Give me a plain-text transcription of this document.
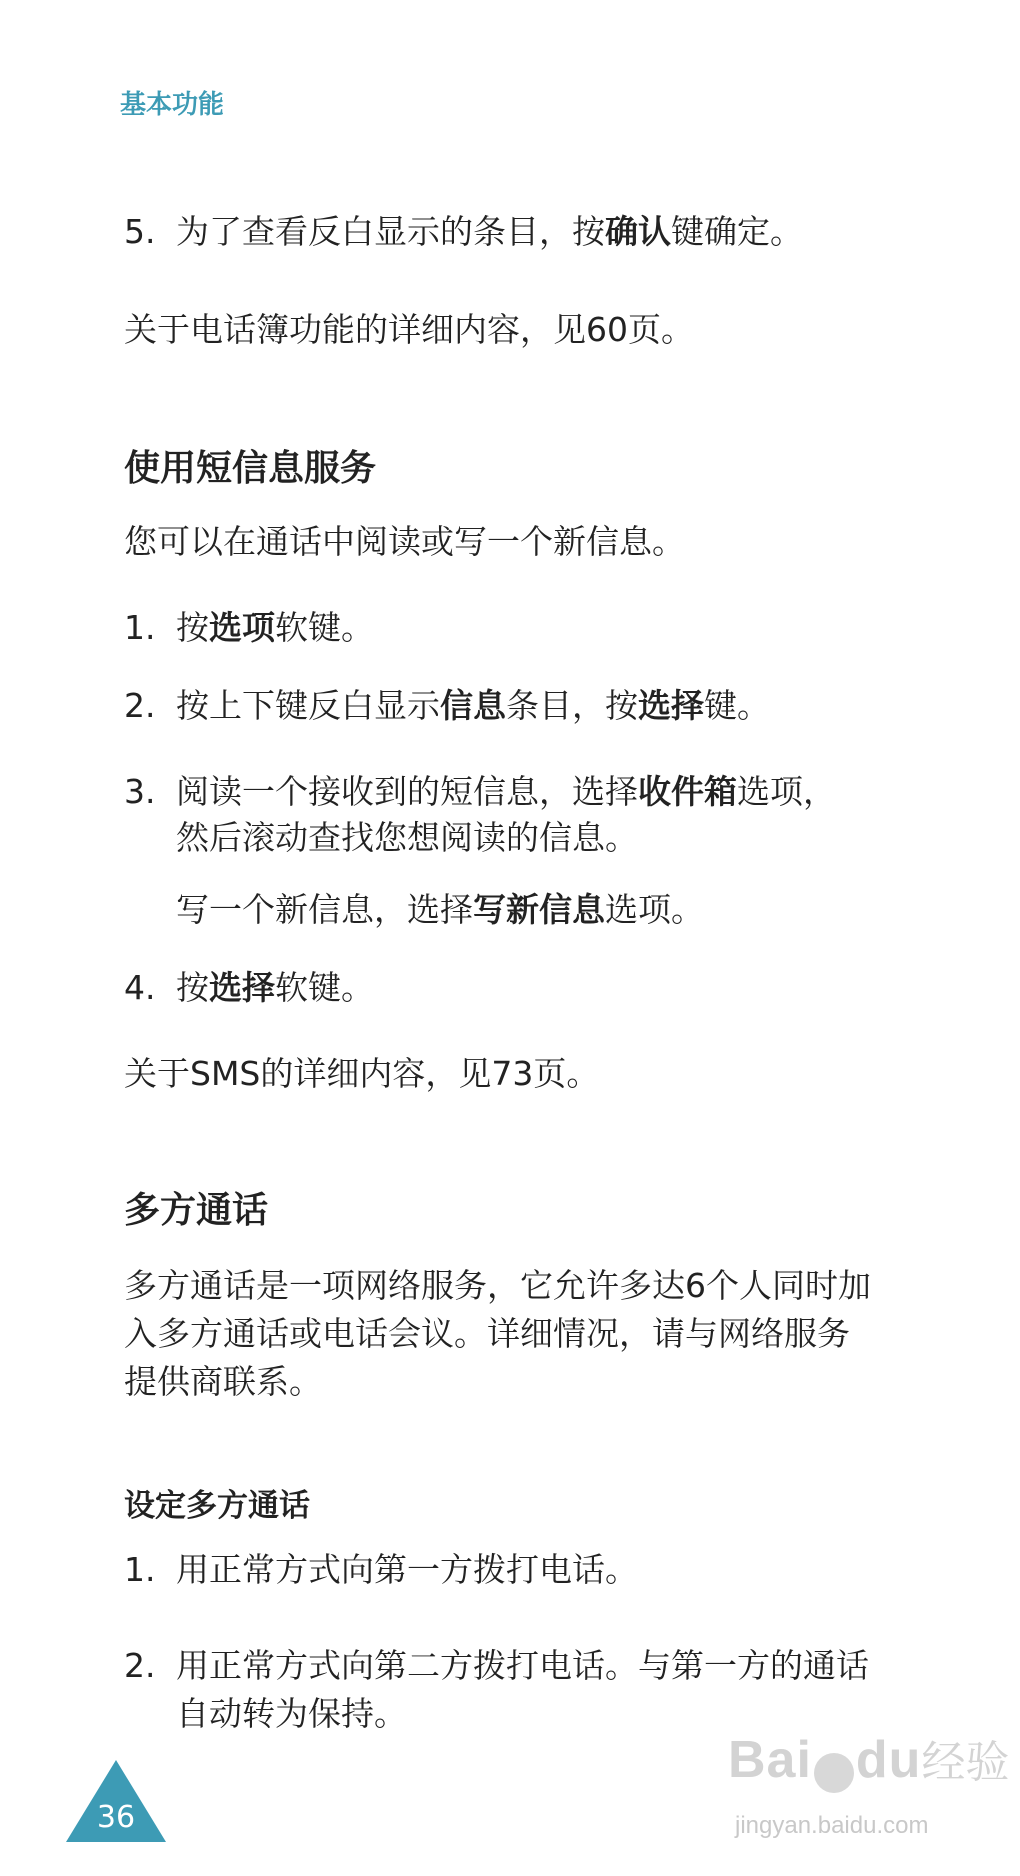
基本功能
5. 为了查看反白显示的条目，按确认键确定。
关于电话簿功能的详细内容，见60页。
使用短信息服务
您可以在通话中阅读或写一个新信息。
1. 按选项软键。
2. 按上下键反白显示信息条目，按选择键。
3. 阅读一个接收到的短信息，选择收件箱选项，
然后滚动查找您想阅读的信息。
写一个新信息，选择写新信息选项。
4. 按选择软键。
关于SMS的详细内容，见73页。
多方通话
多方通话是一项网络服务，它允许多达6个人同时加
入多方通话或电话会议。详细情况，请与网络服务
提供商联系。
设定多方通话
1. 用正常方式向第一方拨打电话。
2. 用正常方式向第二方拨打电话。与第一方的通话
自动转为保持。
36
Bai du经验
jingyan.baidu.com
